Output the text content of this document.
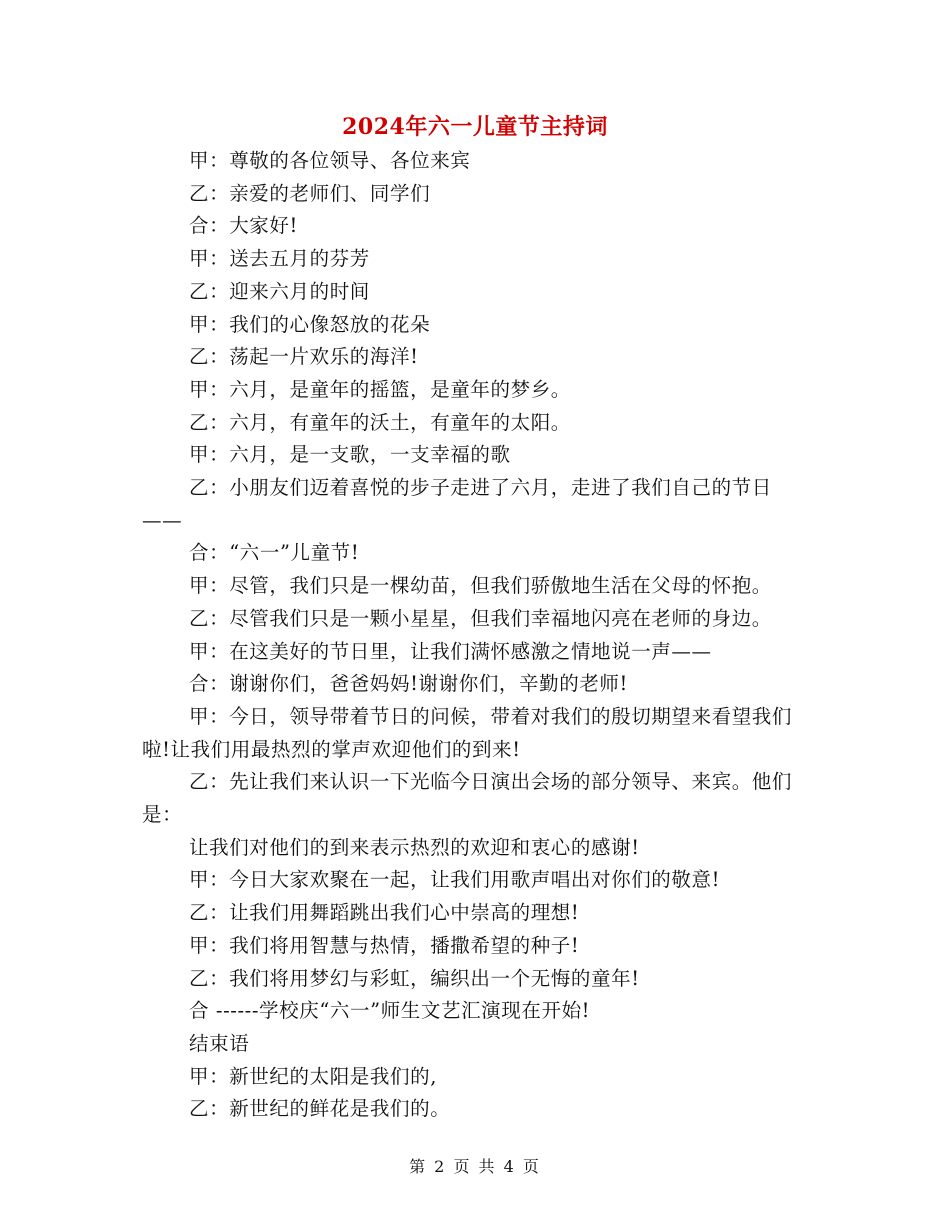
2024年六一儿童节主持词

甲：尊敬的各位领导、各位来宾

乙：亲爱的老师们、同学们

合：大家好!

甲：送去五月的芬芳

乙：迎来六月的时间

甲：我们的心像怒放的花朵

乙：荡起一片欢乐的海洋!

甲：六月，是童年的摇篮，是童年的梦乡。

乙：六月，有童年的沃土，有童年的太阳。

甲：六月，是一支歌，一支幸福的歌

乙：小朋友们迈着喜悦的步子走进了六月，走进了我们自己的节日——

合：“六一”儿童节!

甲：尽管，我们只是一棵幼苗，但我们骄傲地生活在父母的怀抱。

乙：尽管我们只是一颗小星星，但我们幸福地闪亮在老师的身边。

甲：在这美好的节日里，让我们满怀感激之情地说一声——

合：谢谢你们，爸爸妈妈!谢谢你们，辛勤的老师!

甲：今日，领导带着节日的问候，带着对我们的殷切期望来看望我们啦!让我们用最热烈的掌声欢迎他们的到来!

乙：先让我们来认识一下光临今日演出会场的部分领导、来宾。他们是：

让我们对他们的到来表示热烈的欢迎和衷心的感谢!

甲：今日大家欢聚在一起，让我们用歌声唱出对你们的敬意!

乙：让我们用舞蹈跳出我们心中崇高的理想!

甲：我们将用智慧与热情，播撒希望的种子!

乙：我们将用梦幻与彩虹，编织出一个无悔的童年!

合 ------学校庆“六一”师生文艺汇演现在开始!

结束语

甲：新世纪的太阳是我们的,

乙：新世纪的鲜花是我们的。

第 2 页 共 4 页
